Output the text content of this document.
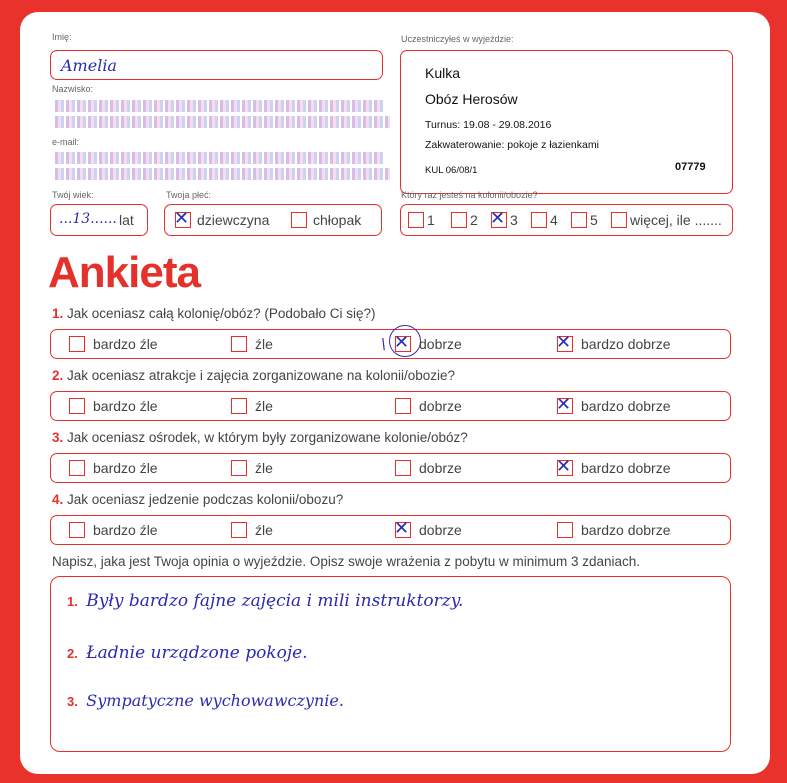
Imię:
Amelia
Nazwisko:
e-mail:
Uczestniczyłeś w wyjeździe:
Kulka
Obóz Herosów
Turnus: 19.08 - 29.08.2016
Zakwaterowanie: pokoje z łazienkami
KUL 06/08/1	07779
Twój wiek:
...13...... lat
Twoja płeć:
✕ dziewczyna	chłopak
Który raz jesteś na kolonii/obozie?
1	2 ✕ 3 4 5 więcej, ile .......
Ankieta
1. Jak oceniasz całą kolonię/obóz? (Podobało Ci się?)
bardzo źle	źle	\ ✕ dobrze	✕ bardzo dobrze
2. Jak oceniasz atrakcje i zajęcia zorganizowane na kolonii/obozie?
bardzo źle	źle	dobrze	✕ bardzo dobrze
3. Jak oceniasz ośrodek, w którym były zorganizowane kolonie/obóz?
bardzo źle	źle	dobrze	✕ bardzo dobrze
4. Jak oceniasz jedzenie podczas kolonii/obozu?
bardzo źle	źle	✕ dobrze	bardzo dobrze
Napisz, jaka jest Twoja opinia o wyjeździe. Opisz swoje wrażenia z pobytu w minimum 3 zdaniach.
1. Były bardzo fajne zajęcia i mili instruktorzy.
2. Ładnie urządzone pokoje.
3. Sympatyczne wychowawczynie.
